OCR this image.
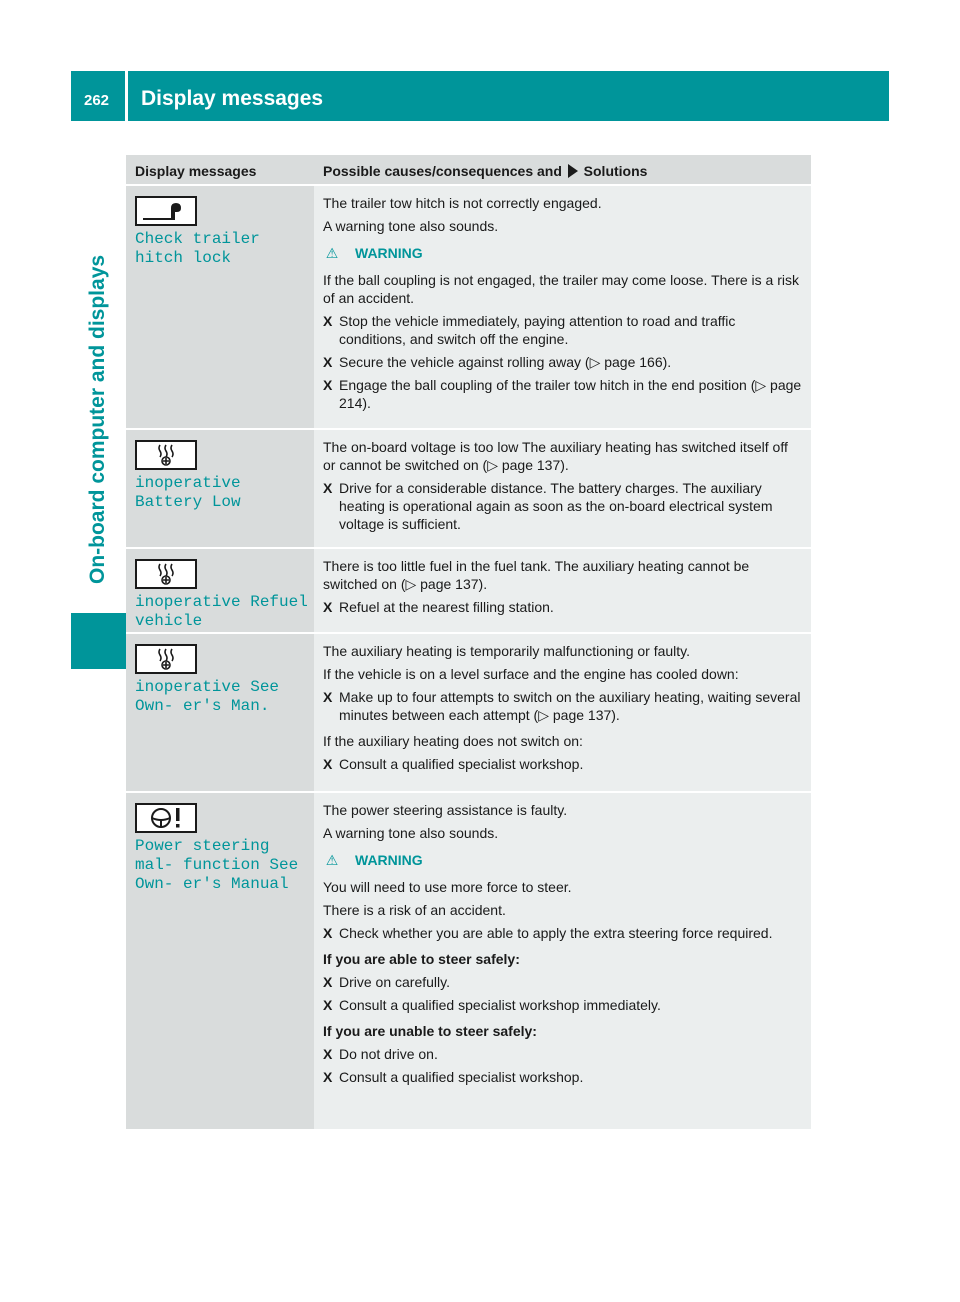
262 Display messages
On-board computer and displays
Display messages	Possible causes/consequences and Solutions
Check trailer hitch lock
The trailer tow hitch is not correctly engaged.
A warning tone also sounds.
⚠ WARNING
If the ball coupling is not engaged, the trailer may come loose. There is a risk of an accident.
X Stop the vehicle immediately, paying attention to road and traffic conditions, and switch off the engine.
X Secure the vehicle against rolling away (▷ page 166).
X Engage the ball coupling of the trailer tow hitch in the end position (▷ page 214).
inoperative Battery Low
The on-board voltage is too low The auxiliary heating has switched itself off or cannot be switched on (▷ page 137).
X Drive for a considerable distance. The battery charges. The auxiliary heating is operational again as soon as the on-board electrical system voltage is sufficient.
inoperative Refuel vehicle
There is too little fuel in the fuel tank. The auxiliary heating cannot be switched on (▷ page 137).
X Refuel at the nearest filling station.
inoperative See Own‐ er's Man.
The auxiliary heating is temporarily malfunctioning or faulty.
If the vehicle is on a level surface and the engine has cooled down:
X Make up to four attempts to switch on the auxiliary heating, waiting several minutes between each attempt (▷ page 137).
If the auxiliary heating does not switch on:
X Consult a qualified specialist workshop.
Power steering mal‐ function See Own‐ er's Manual
The power steering assistance is faulty.
A warning tone also sounds.
⚠ WARNING
You will need to use more force to steer.
There is a risk of an accident.
X Check whether you are able to apply the extra steering force required.
If you are able to steer safely:
X Drive on carefully.
X Consult a qualified specialist workshop immediately.
If you are unable to steer safely:
X Do not drive on.
X Consult a qualified specialist workshop.
